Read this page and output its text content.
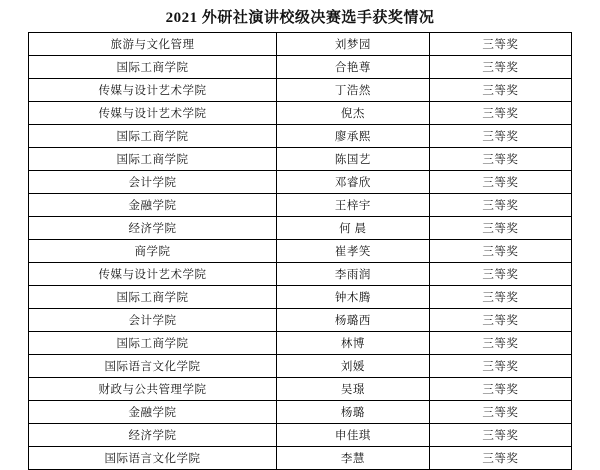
2021 外研社演讲校级决赛选手获奖情况
旅游与文化管理	刘梦园	三等奖
国际工商学院	合艳尊	三等奖
传媒与设计艺术学院	丁浩然	三等奖
传媒与设计艺术学院	倪杰	三等奖
国际工商学院	廖承熙	三等奖
国际工商学院	陈国艺	三等奖
会计学院	邓睿欣	三等奖
金融学院	王梓宇	三等奖
经济学院	何 晨	三等奖
商学院	崔孝笑	三等奖
传媒与设计艺术学院	李雨润	三等奖
国际工商学院	钟木腾	三等奖
会计学院	杨璐西	三等奖
国际工商学院	林博	三等奖
国际语言文化学院	刘媛	三等奖
财政与公共管理学院	吴璟	三等奖
金融学院	杨璐	三等奖
经济学院	申佳琪	三等奖
国际语言文化学院	李慧	三等奖
